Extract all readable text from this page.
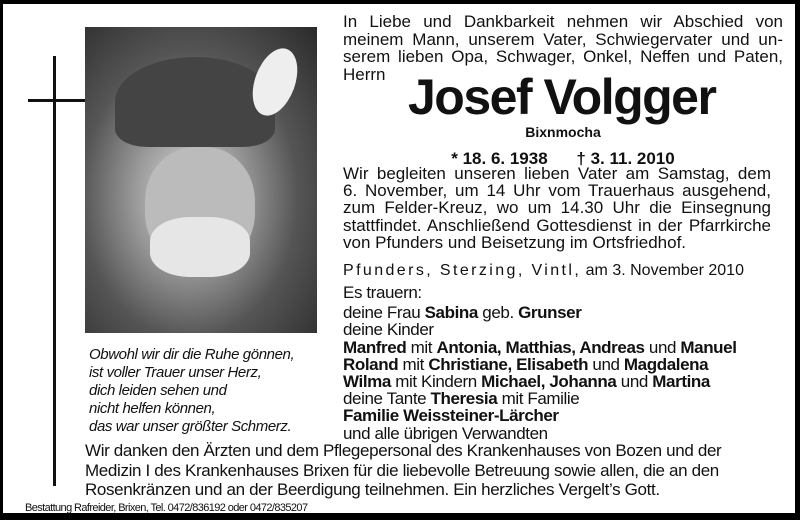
Obwohl wir dir die Ruhe gönnen,
ist voller Trauer unser Herz,
dich leiden sehen und
nicht helfen können,
das war unser größter Schmerz.
In Liebe und Dankbarkeit nehmen wir Abschied von
meinem Mann, unserem Vater, Schwiegervater und un-
serem lieben Opa, Schwager, Onkel, Neffen und Paten,
Herrn Josef Volgger
Bixnmocha
* 18. 6. 1938 † 3. 11. 2010
Wir begleiten unseren lieben Vater am Samstag, dem
6. November, um 14 Uhr vom Trauerhaus ausgehend,
zum Felder-Kreuz, wo um 14.30 Uhr die Einsegnung
stattfindet. Anschließend Gottesdienst in der Pfarrkirche
von Pfunders und Beisetzung im Ortsfriedhof.
Pfunders, Sterzing, Vintl, am 3. November 2010
Es trauern:
deine Frau Sabina geb. Grunser
deine Kinder
Manfred mit Antonia, Matthias, Andreas und Manuel
Roland mit Christiane, Elisabeth und Magdalena
Wilma mit Kindern Michael, Johanna und Martina
deine Tante Theresia mit Familie
Familie Weissteiner-Lärcher
und alle übrigen Verwandten
Wir danken den Ärzten und dem Pflegepersonal des Krankenhauses von Bozen und der
Medizin I des Krankenhauses Brixen für die liebevolle Betreuung sowie allen, die an den
Rosenkränzen und an der Beerdigung teilnehmen. Ein herzliches Vergelt’s Gott.
Bestattung Rafreider, Brixen, Tel. 0472/836192 oder 0472/835207
